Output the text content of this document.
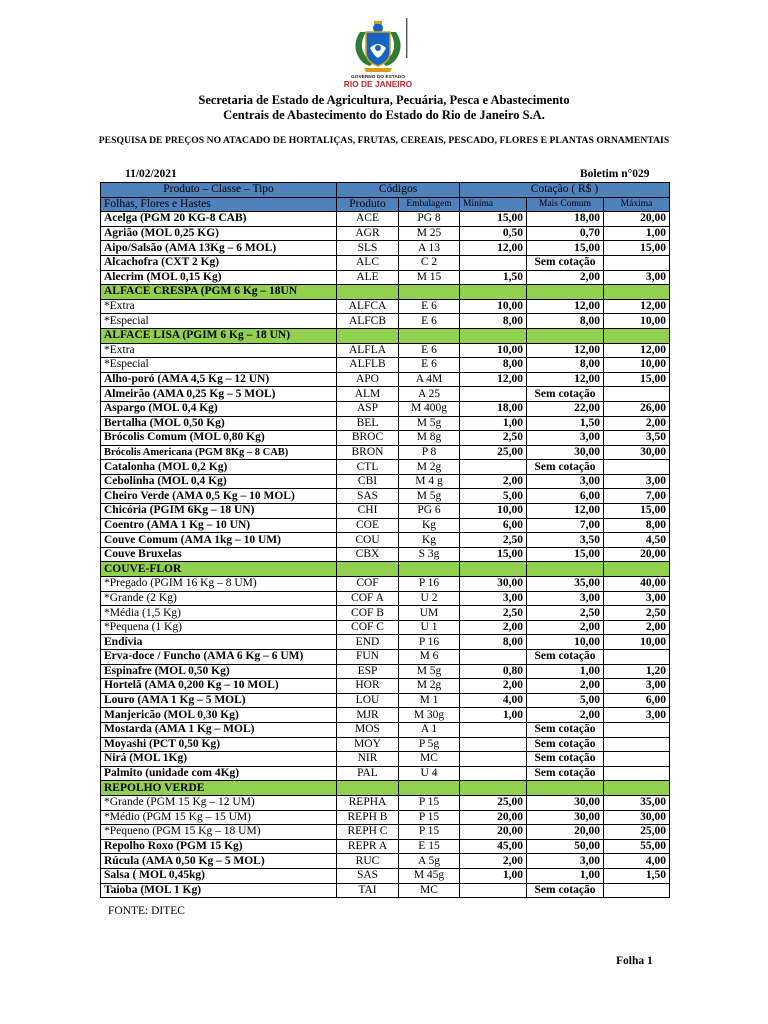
GOVERNO DO ESTADO
RIO DE JANEIRO
Secretaria de Estado de Agricultura, Pecuária, Pesca e Abastecimento
Centrais de Abastecimento do Estado do Rio de Janeiro S.A.
PESQUISA DE PREÇOS NO ATACADO DE HORTALIÇAS, FRUTAS, CEREAIS, PESCADO, FLORES E PLANTAS ORNAMENTAIS
11/02/2021	Boletim n°029
Produto – Classe – Tipo	Códigos		Cotação ( R$ )		
Folhas, Flores e Hastes	Produto	Embalagem	Mínima	Mais Comum	Máxima
Acelga (PGM 20 KG-8 CAB)	ACE	PG 8	15,00	18,00	20,00
Agrião (MOL 0,25 KG)	AGR	M 25	0,50	0,70	1,00
Aipo/Salsão (AMA 13Kg – 6 MOL)	SLS	A 13	12,00	15,00	15,00
Alcachofra (CXT 2 Kg)	ALC	C 2		Sem cotação	
Alecrim (MOL 0,15 Kg)	ALE	M 15	1,50	2,00	3,00
ALFACE CRESPA (PGM 6 Kg – 18UN					
*Extra	ALFCA	E 6	10,00	12,00	12,00
*Especial	ALFCB	E 6	8,00	8,00	10,00
ALFACE LISA (PGIM 6 Kg – 18 UN)					
*Extra	ALFLA	E 6	10,00	12,00	12,00
*Especial	ALFLB	E 6	8,00	8,00	10,00
Alho-poró (AMA 4,5 Kg – 12 UN)	APO	A 4M	12,00	12,00	15,00
Almeirão (AMA 0,25 Kg – 5 MOL)	ALM	A 25		Sem cotação	
Aspargo (MOL 0,4 Kg)	ASP	M 400g	18,00	22,00	26,00
Bertalha (MOL 0,50 Kg)	BEL	M 5g	1,00	1,50	2,00
Brócolis Comum (MOL 0,80 Kg)	BROC	M 8g	2,50	3,00	3,50
Brócolis Americana (PGM 8Kg – 8 CAB)	BRON	P 8	25,00	30,00	30,00
Catalonha (MOL 0,2 Kg)	CTL	M 2g		Sem cotação	
Cebolinha (MOL 0,4 Kg)	CBI	M 4 g	2,00	3,00	3,00
Cheiro Verde (AMA 0,5 Kg – 10 MOL)	SAS	M 5g	5,00	6,00	7,00
Chicória (PGIM 6Kg – 18 UN)	CHI	PG 6	10,00	12,00	15,00
Coentro (AMA 1 Kg – 10 UN)	COE	Kg	6,00	7,00	8,00
Couve Comum (AMA 1kg – 10 UM)	COU	Kg	2,50	3,50	4,50
Couve Bruxelas	CBX	S 3g	15,00	15,00	20,00
COUVE-FLOR					
*Pregado (PGIM 16 Kg – 8 UM)	COF	P 16	30,00	35,00	40,00
*Grande (2 Kg)	COF A	U 2	3,00	3,00	3,00
*Média (1,5 Kg)	COF B	UM	2,50	2,50	2,50
*Pequena (1 Kg)	COF C	U 1	2,00	2,00	2,00
Endívia	END	P 16	8,00	10,00	10,00
Erva-doce / Funcho (AMA 6 Kg – 6 UM)	FUN	M 6		Sem cotação	
Espinafre (MOL 0,50 Kg)	ESP	M 5g	0,80	1,00	1,20
Hortelã (AMA 0,200 Kg – 10 MOL)	HOR	M 2g	2,00	2,00	3,00
Louro (AMA 1 Kg – 5 MOL)	LOU	M 1	4,00	5,00	6,00
Manjericão (MOL 0,30 Kg)	MJR	M 30g	1,00	2,00	3,00
Mostarda (AMA 1 Kg – MOL)	MOS	A 1		Sem cotação	
Moyashi (PCT 0,50 Kg)	MOY	P 5g		Sem cotação	
Nirá (MOL 1Kg)	NIR	MC		Sem cotação	
Palmito (unidade com 4Kg)	PAL	U 4		Sem cotação	
REPOLHO VERDE					
*Grande (PGM 15 Kg – 12 UM)	REPHA	P 15	25,00	30,00	35,00
*Médio (PGM 15 Kg – 15 UM)	REPH B	P 15	20,00	30,00	30,00
*Pequeno (PGM 15 Kg – 18 UM)	REPH C	P 15	20,00	20,00	25,00
Repolho Roxo (PGM 15 Kg)	REPR A	E 15	45,00	50,00	55,00
Rúcula (AMA 0,50 Kg – 5 MOL)	RUC	A 5g	2,00	3,00	4,00
Salsa ( MOL 0,45kg)	SAS	M 45g	1,00	1,00	1,50
Taioba (MOL 1 Kg)	TAI	MC		Sem cotação	
FONTE: DITEC
Folha 1
